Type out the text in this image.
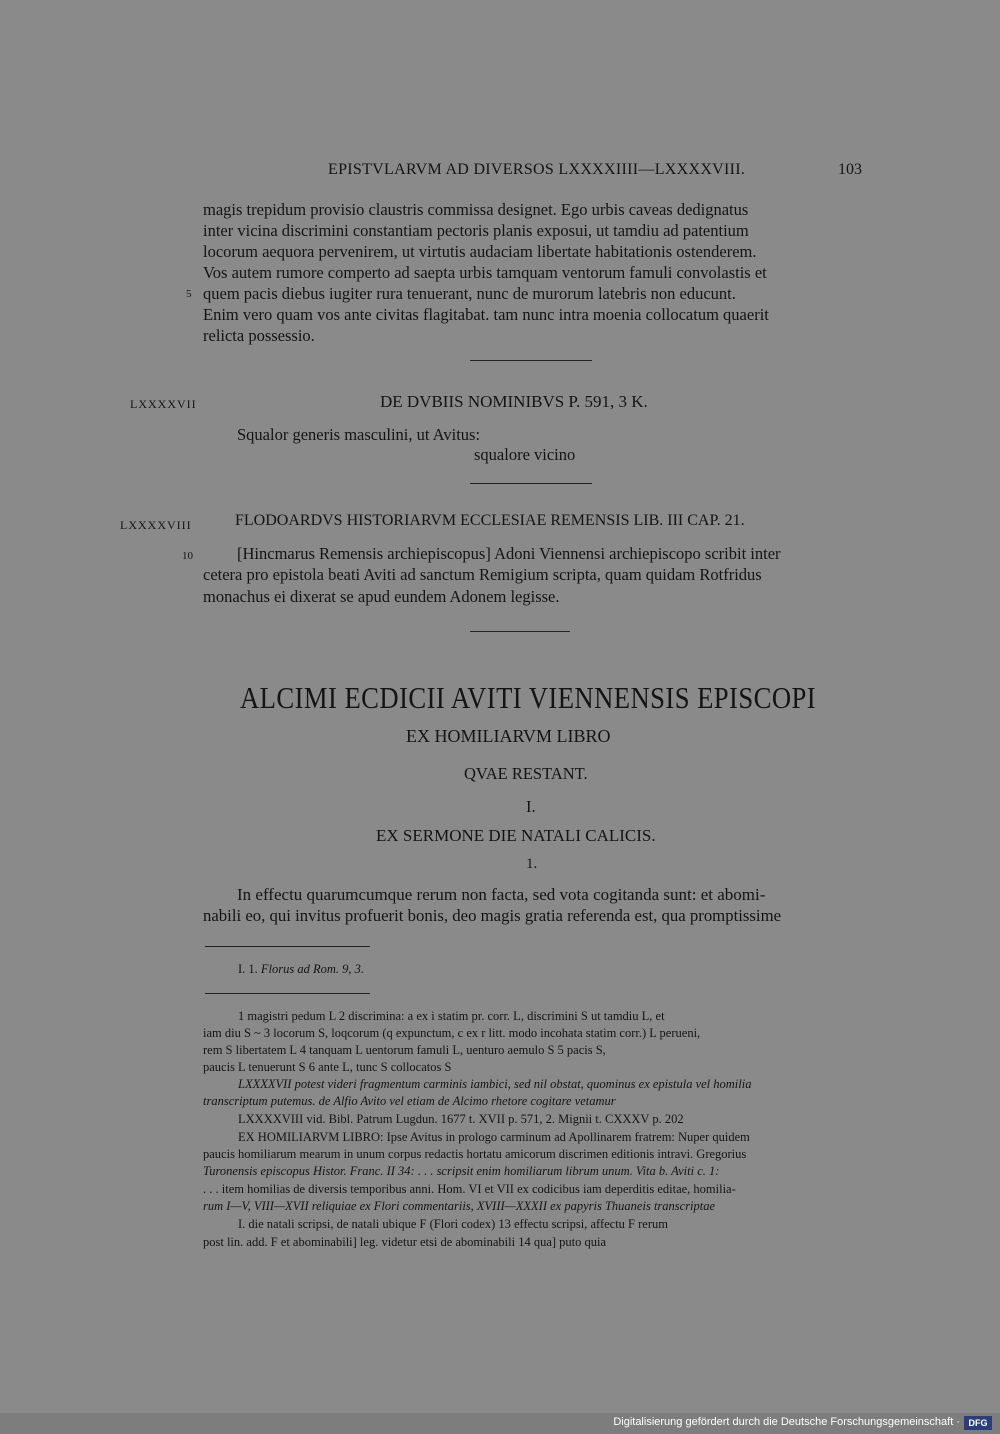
EPISTVLARVM AD DIVERSOS LXXXXIIII—LXXXXVIII.	103
magis trepidum provisio claustris commissa designet. Ego urbis caveas dedignatus
inter vicina discrimini constantiam pectoris planis exposui, ut tamdiu ad patentium
locorum aequora pervenirem, ut virtutis audaciam libertate habitationis ostenderem.
Vos autem rumore comperto ad saepta urbis tamquam ventorum famuli convolastis et
5 quem pacis diebus iugiter rura tenuerant, nunc de murorum latebris non educunt.
Enim vero quam vos ante civitas flagitabat. tam nunc intra moenia collocatum quaerit
relicta possessio.
LXXXXVII	DE DVBIIS NOMINIBVS P. 591, 3 K.
Squalor generis masculini, ut Avitus:
squalore vicino
LXXXXVIII	FLODOARDVS HISTORIARVM ECCLESIAE REMENSIS LIB. III CAP. 21.
10	[Hincmarus Remensis archiepiscopus] Adoni Viennensi archiepiscopo scribit inter
cetera pro epistola beati Aviti ad sanctum Remigium scripta, quam quidam Rotfridus
monachus ei dixerat se apud eundem Adonem legisse.
ALCIMI ECDICII AVITI VIENNENSIS EPISCOPI
EX HOMILIARVM LIBRO
QVAE RESTANT.
I.
EX SERMONE DIE NATALI CALICIS.
1.
In effectu quarumcumque rerum non facta, sed vota cogitanda sunt: et abomi-
nabili eo, qui invitus profuerit bonis, deo magis gratia referenda est, qua promptissime
I. 1. Florus ad Rom. 9, 3.
1 magistri pedum L 2 discrimina: a ex i statim pr. corr. L, discrimini S ut tamdiu L, et
iam diu S ~ 3 locorum S, loqcorum (q expunctum, c ex r litt. modo incohata statim corr.) L perueni,
rem S libertatem L 4 tanquam L uentorum famuli L, uenturo aemulo S 5 pacis S,
paucis L tenuerunt S 6 ante L, tunc S collocatos S
LXXXXVII potest videri fragmentum carminis iambici, sed nil obstat, quominus ex epistula vel homilia
transcriptum putemus. de Alfio Avito vel etiam de Alcimo rhetore cogitare vetamur
LXXXXVIII vid. Bibl. Patrum Lugdun. 1677 t. XVII p. 571, 2. Mignii t. CXXXV p. 202
EX HOMILIARVM LIBRO: Ipse Avitus in prologo carminum ad Apollinarem fratrem: Nuper quidem
paucis homiliarum mearum in unum corpus redactis hortatu amicorum discrimen editionis intravi. Gregorius
Turonensis episcopus Histor. Franc. II 34: . . . scripsit enim homiliarum librum unum. Vita b. Aviti c. 1:
. . . item homilias de diversis temporibus anni. Hom. VI et VII ex codicibus iam deperditis editae, homilia-
rum I—V, VIII—XVII reliquiae ex Flori commentariis, XVIII—XXXII ex papyris Thuaneis transcriptae
I. die natali scripsi, de natali ubique F (Flori codex) 13 effectu scripsi, affectu F rerum
post lin. add. F et abominabili] leg. videtur etsi de abominabili 14 qua] puto quia
Digitalisierung gefördert durch die Deutsche Forschungsgemeinschaft · DFG
